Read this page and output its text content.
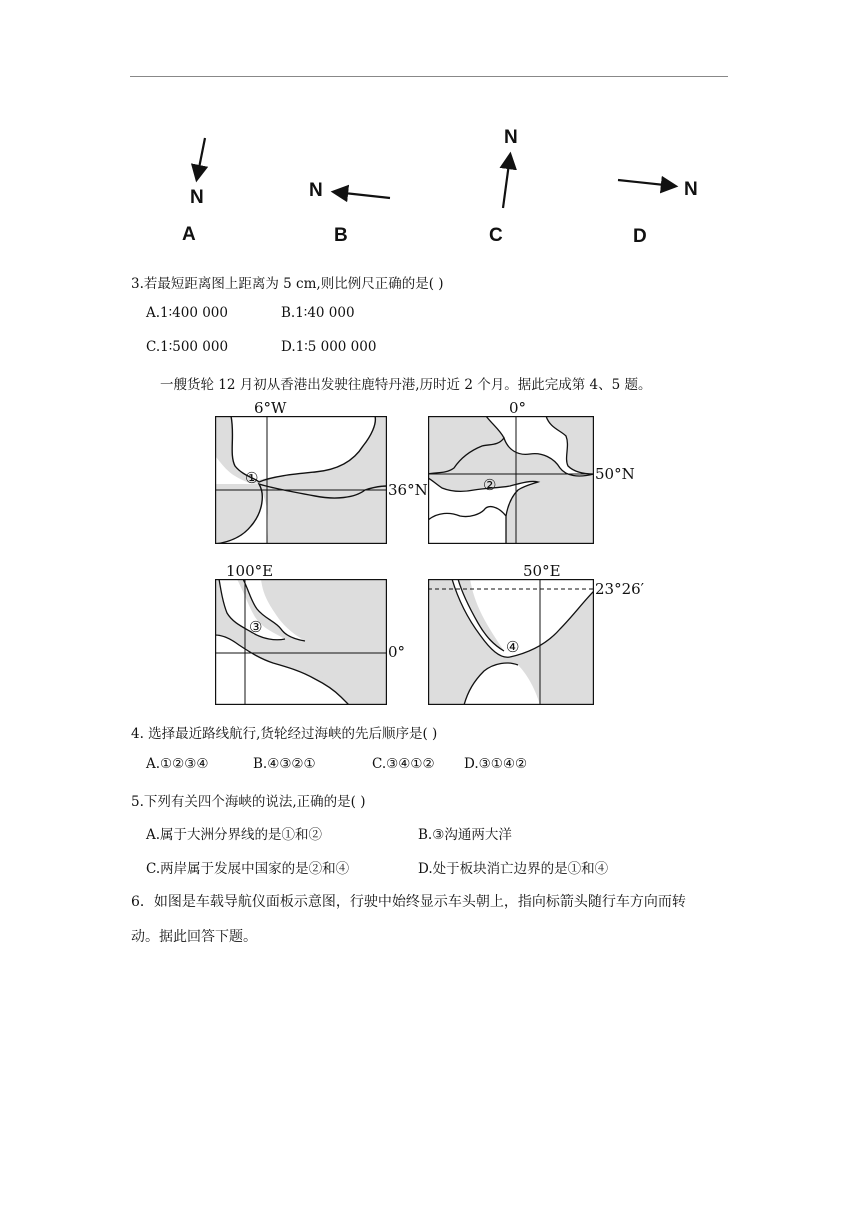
N	N
N
N
A	B	C	D
3.若最短距离图上距离为 5 cm,则比例尺正确的是( )
A.1∶400 000	B.1∶40 000
C.1∶500 000	D.1∶5 000 000
一艘货轮 12 月初从香港出发驶往鹿特丹港,历时近 2 个月。据此完成第 4、5 题。
6°W
36°N
①
0°
50°N
②
100°E
0°
③
50°E
23°26′
④
4. 选择最近路线航行,货轮经过海峡的先后顺序是( )
A.①②③④	B.④③②①	C.③④①② D.③①④②
5.下列有关四个海峡的说法,正确的是( )
A.属于大洲分界线的是①和②	B.③沟通两大洋
C.两岸属于发展中国家的是②和④	D.处于板块消亡边界的是①和④
6．如图是车载导航仪面板示意图，行驶中始终显示车头朝上，指向标箭头随行车方向而转
动。据此回答下题。
